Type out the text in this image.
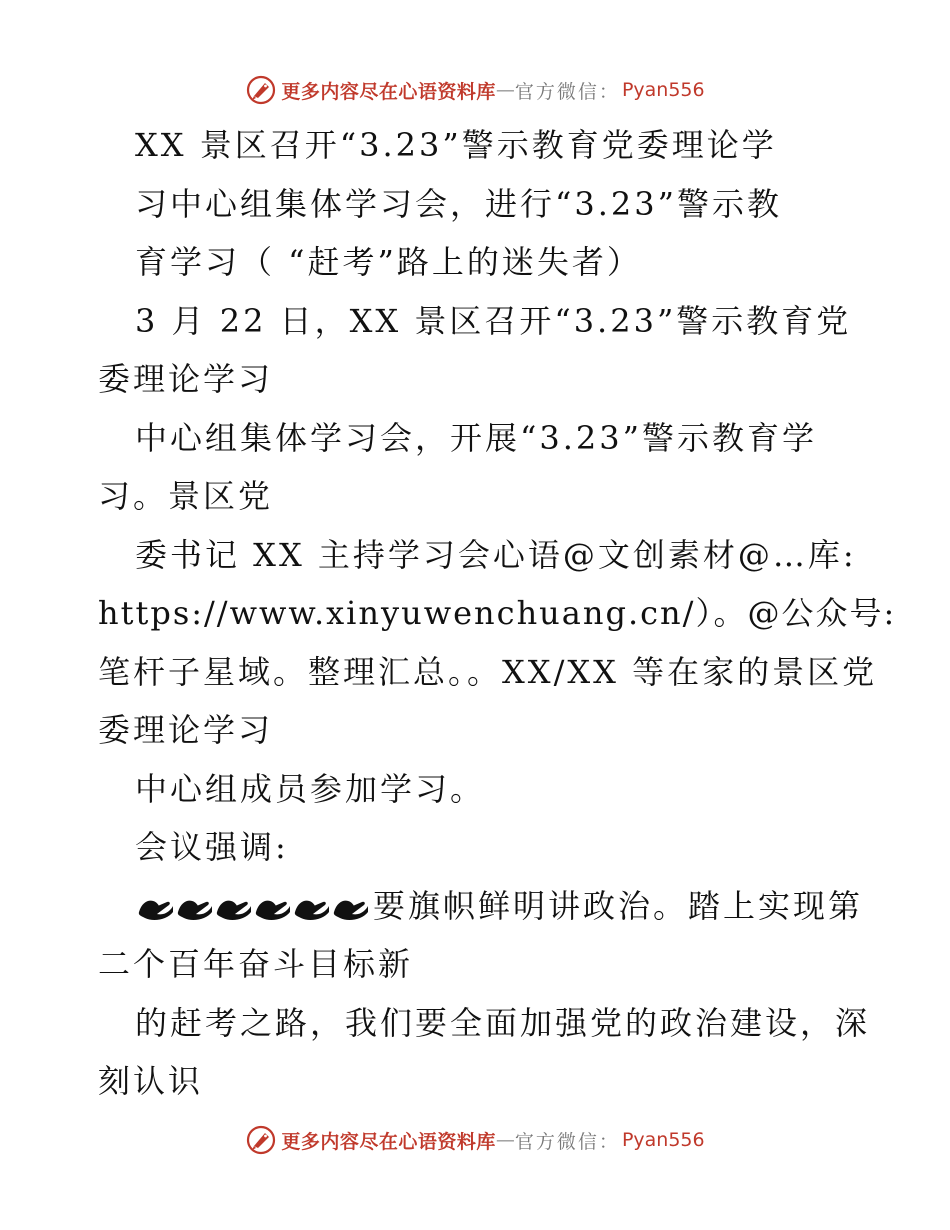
更多内容尽在心语资料库 — 官方微信： Pyan556
XX 景区召开“3.23”警示教育党委理论学
习中心组集体学习会，进行“3.23”警示教
育学习（ “赶考”路上的迷失者）
3 月 22 日，XX 景区召开“3.23”警示教育党
委理论学习
中心组集体学习会，开展“3.23”警示教育学
习。景区党
委书记 XX 主持学习会心语@文创素材@…库:
https://www.xinyuwenchuang.cn/）。@公众号:
笔杆子星域。整理汇总。。XX/XX 等在家的景区党
委理论学习
中心组成员参加学习。
会议强调:
要旗帜鲜明讲政治。踏上实现第
二个百年奋斗目标新
的赶考之路，我们要全面加强党的政治建设，深
刻认识
更多内容尽在心语资料库 — 官方微信： Pyan556
